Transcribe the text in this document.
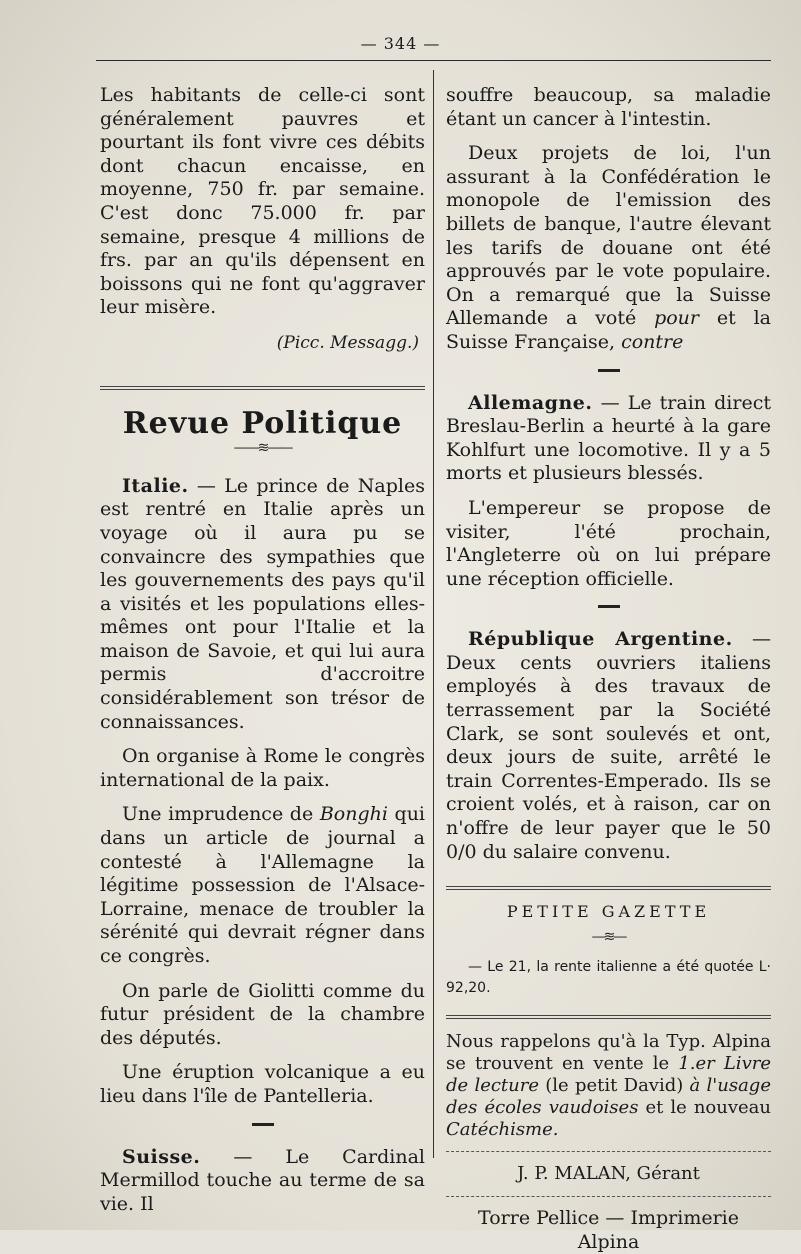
— 344 —

Les habitants de celle-ci sont généralement pauvres et pourtant ils font vivre ces débits dont chacun encaisse, en moyenne, 750 fr. par semaine. C'est donc 75.000 fr. par semaine, presque 4 millions de frs. par an qu'ils dépensent en boissons qui ne font qu'aggraver leur misère.

(Picc. Messagg.)
Revue Politique
——≋——

Italie. — Le prince de Naples est rentré en Italie après un voyage où il aura pu se convaincre des sympathies que les gouvernements des pays qu'il a visités et les populations elles-mêmes ont pour l'Italie et la maison de Savoie, et qui lui aura permis d'accroitre considérablement son trésor de connaissances.

On organise à Rome le congrès international de la paix.

Une imprudence de Bonghi qui dans un article de journal a contesté à l'Allemagne la légitime possession de l'Alsace-Lorraine, menace de troubler la sérénité qui devrait régner dans ce congrès.

On parle de Giolitti comme du futur président de la chambre des députés.

Une éruption volcanique a eu lieu dans l'île de Pantelleria.

Suisse. — Le Cardinal Mermillod touche au terme de sa vie. Il

souffre beaucoup, sa maladie étant un cancer à l'intestin.

Deux projets de loi, l'un assurant à la Confédération le monopole de l'emission des billets de banque, l'autre élevant les tarifs de douane ont été approuvés par le vote populaire. On a remarqué que la Suisse Allemande a voté pour et la Suisse Française, contre

Allemagne. — Le train direct Breslau-Berlin a heurté à la gare Kohlfurt une locomotive. Il y a 5 morts et plusieurs blessés.

L'empereur se propose de visiter, l'été prochain, l'Angleterre où on lui prépare une réception officielle.

République Argentine. — Deux cents ouvriers italiens employés à des travaux de terrassement par la Société Clark, se sont soulevés et ont, deux jours de suite, arrêté le train Correntes-Emperado. Ils se croient volés, et à raison, car on n'offre de leur payer que le 50 0/0 du salaire convenu.

PETITE GAZETTE
—≋—

— Le 21, la rente italienne a été quotée L· 92,20.

Nous rappelons qu'à la Typ. Alpina se trouvent en vente le 1.er Livre de lecture (le petit David) à l'usage des écoles vaudoises et le nouveau Catéchisme.

J. P. MALAN, Gérant
Torre Pellice — Imprimerie Alpina
